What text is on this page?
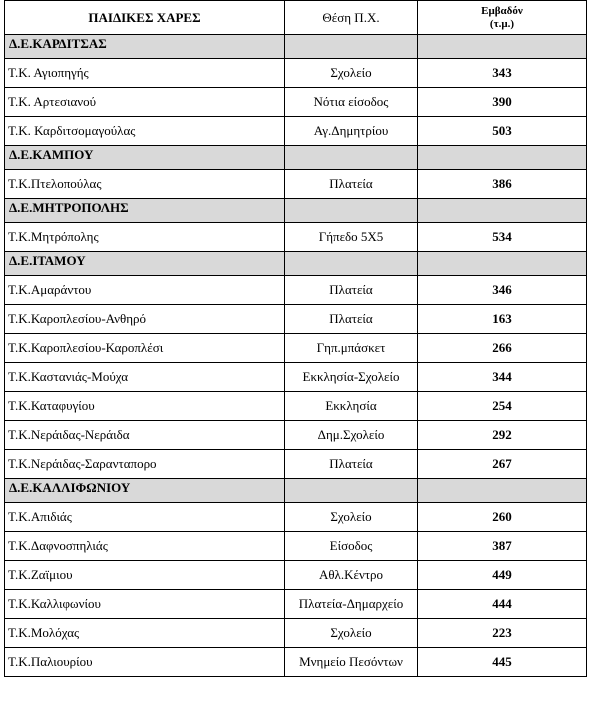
ΠΑΙΔΙΚΕΣ ΧΑΡΕΣ	Θέση Π.Χ.	Εμβαδόν
(τ.μ.)

Δ.Ε.ΚΑΡΔΙΤΣΑΣ		
Τ.Κ. Αγιοπηγής	Σχολείο	343
Τ.Κ. Αρτεσιανού	Νότια είσοδος	390
Τ.Κ. Καρδιτσομαγούλας	Αγ.Δημητρίου	503
Δ.Ε.ΚΑΜΠΟΥ		
Τ.Κ.Πτελοπούλας	Πλατεία	386
Δ.Ε.ΜΗΤΡΟΠΟΛΗΣ		
Τ.Κ.Μητρόπολης	Γήπεδο 5Χ5	534
Δ.Ε.ΙΤΑΜΟΥ		
Τ.Κ.Αμαράντου	Πλατεία	346
Τ.Κ.Καροπλεσίου-Ανθηρό	Πλατεία	163
Τ.Κ.Καροπλεσίου-Καροπλέσι	Γηπ.μπάσκετ	266
Τ.Κ.Καστανιάς-Μούχα	Εκκλησία-Σχολείο	344
Τ.Κ.Καταφυγίου	Εκκλησία	254
Τ.Κ.Νεράιδας-Νεράιδα	Δημ.Σχολείο	292
Τ.Κ.Νεράιδας-Σαρανταπορο	Πλατεία	267
Δ.Ε.ΚΑΛΛΙΦΩΝΙΟΥ		
Τ.Κ.Απιδιάς	Σχολείο	260
Τ.Κ.Δαφνοσπηλιάς	Είσοδος	387
Τ.Κ.Ζαϊμιου	Αθλ.Κέντρο	449
Τ.Κ.Καλλιφωνίου	Πλατεία-Δημαρχείο	444
Τ.Κ.Μολόχας	Σχολείο	223
Τ.Κ.Παλιουρίου	Μνημείο Πεσόντων	445
